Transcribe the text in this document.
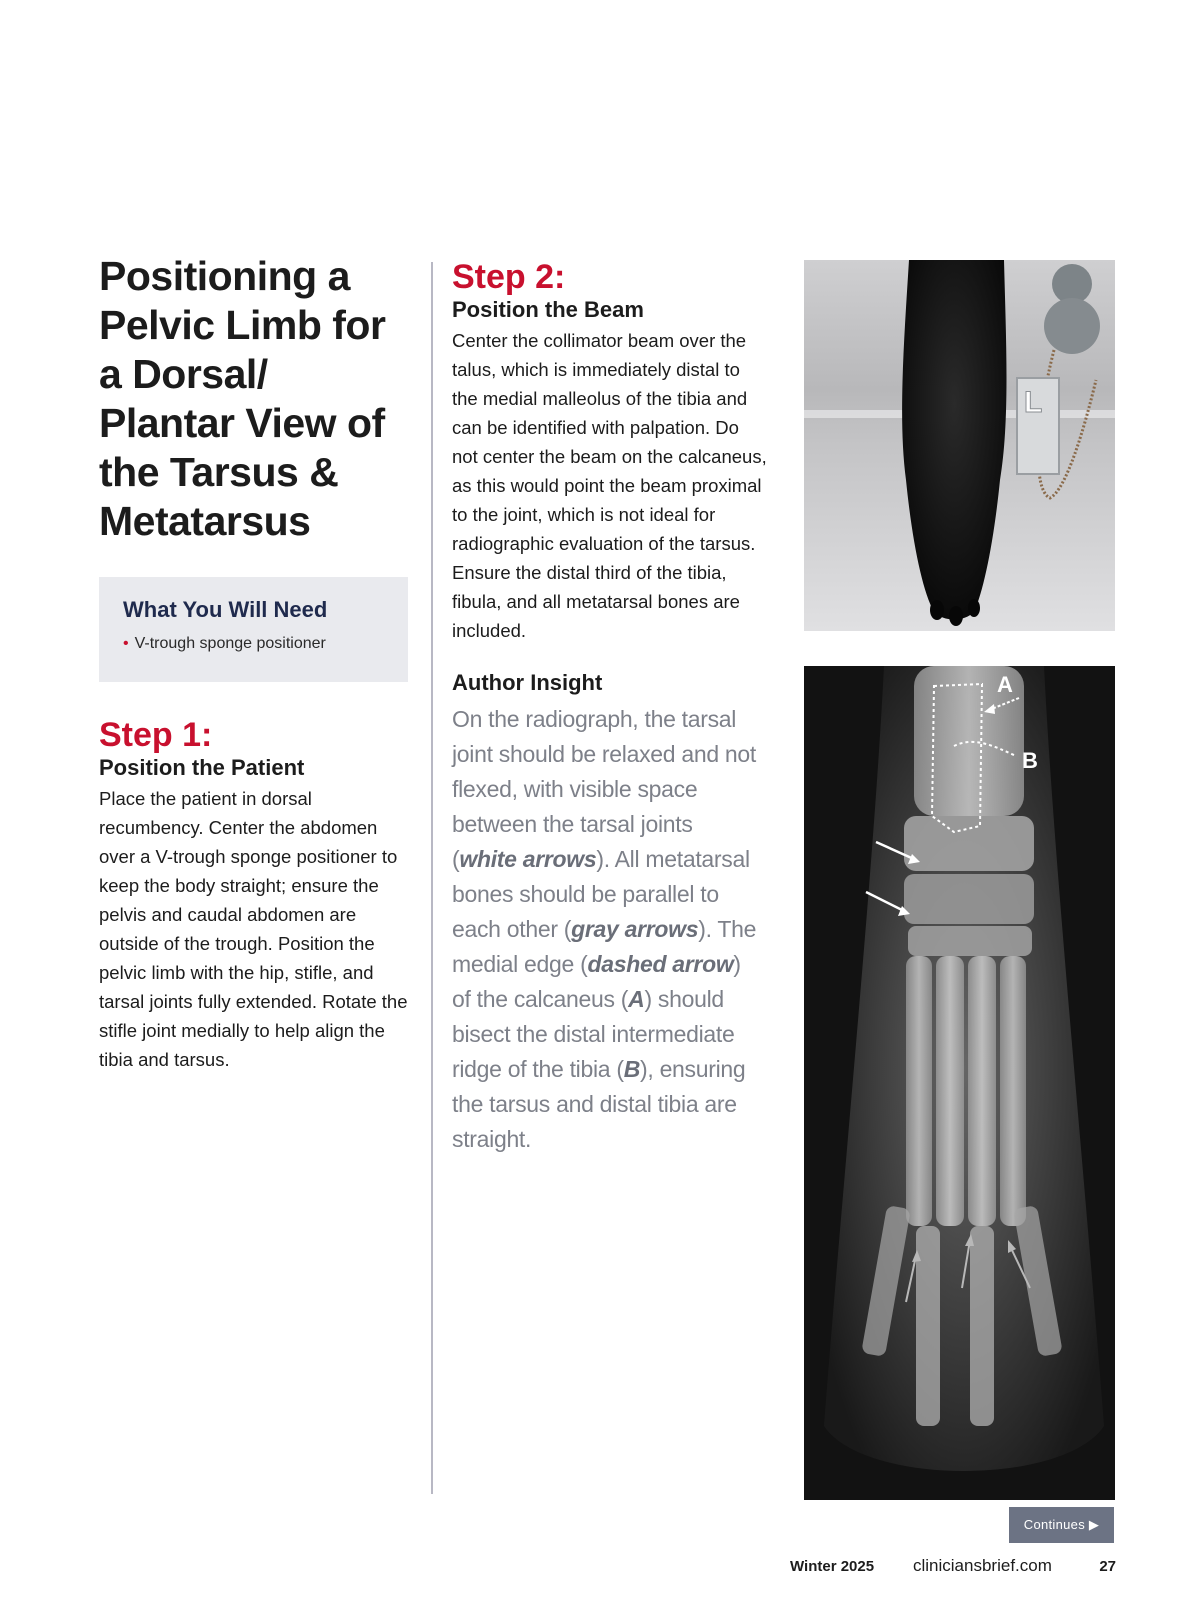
Positioning a Pelvic Limb for a Dorsal/ Plantar View of the Tarsus & Metatarsus
What You Will Need
• V-trough sponge positioner
Step 1:
Position the Patient

Place the patient in dorsal recumbency. Center the abdomen over a V-trough sponge positioner to keep the body straight; ensure the pelvis and caudal abdomen are outside of the trough. Position the pelvic limb with the hip, stifle, and tarsal joints fully extended. Rotate the stifle joint medially to help align the tibia and tarsus.

Step 2:
Position the Beam

Center the collimator beam over the talus, which is immediately distal to the medial malleolus of the tibia and can be identified with palpation. Do not center the beam on the calcaneus, as this would point the beam proximal to the joint, which is not ideal for radiographic evaluation of the tarsus. Ensure the distal third of the tibia, fibula, and all metatarsal bones are included.

Author Insight

On the radiograph, the tarsal joint should be relaxed and not flexed, with visible space between the tarsal joints (white arrows). All metatarsal bones should be parallel to each other (gray arrows). The medial edge (dashed arrow) of the calcaneus (A) should bisect the distal intermediate ridge of the tibia (B), ensuring the tarsus and distal tibia are straight.

L
A
B
Continues ▶
Winter 2025 cliniciansbrief.com	27
